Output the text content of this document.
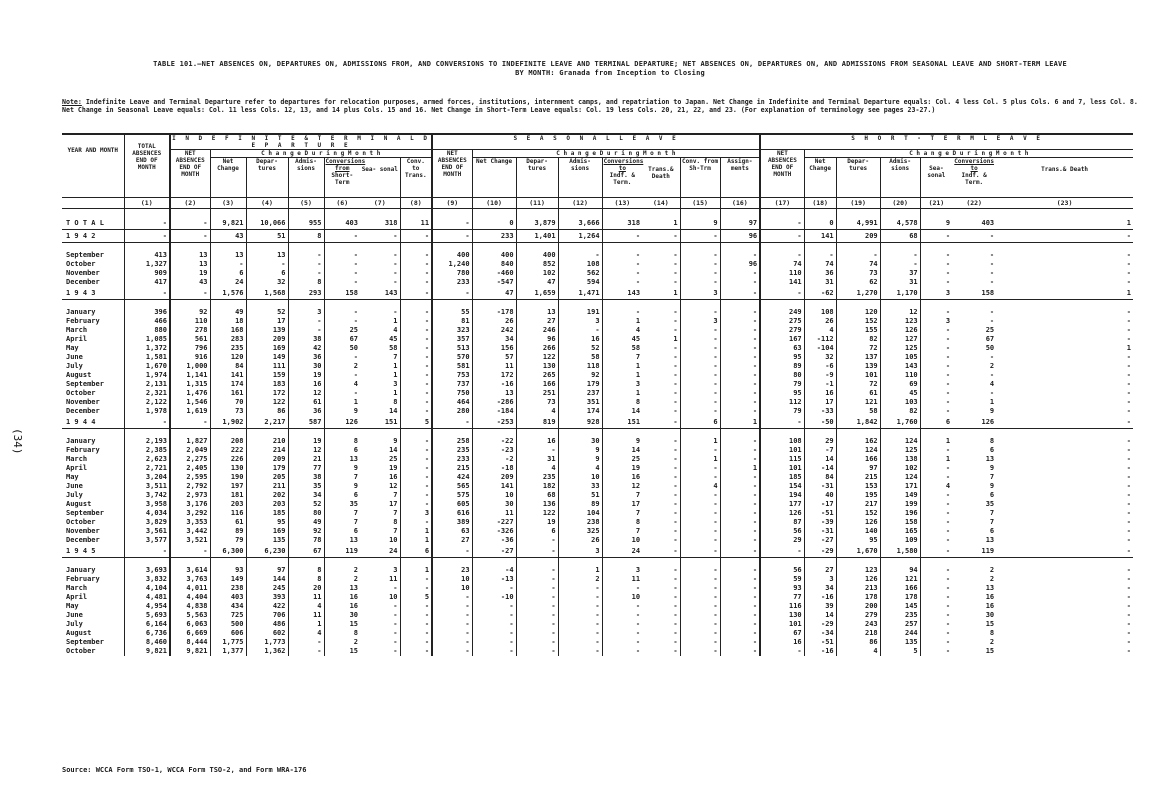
TABLE 101.—NET ABSENCES ON, DEPARTURES ON, ADMISSIONS FROM, AND CONVERSIONS TO INDEFINITE LEAVE AND TERMINAL DEPARTURE; NET ABSENCES ON, DEPARTURES ON, AND ADMISSIONS FROM SEASONAL LEAVE AND SHORT-TERM LEAVE
BY MONTH: Granada from Inception to Closing
Note: Indefinite Leave and Terminal Departure refer to departures for relocation purposes, armed forces, institutions, internment camps, and repatriation to Japan. Net Change in Indefinite and Terminal Departure equals: Col. 4 less Col. 5 plus Cols. 6 and 7, less Col. 8. Net Change in Seasonal Leave equals: Col. 11 less Cols. 12, 13, and 14 plus Cols. 15 and 16. Net Change in Short-Term Leave equals: Col. 19 less Cols. 20, 21, 22, and 23. (For explanation of terminology see pages 23-27.)
(34)
YEAR AND MONTH	TOTAL ABSENCES END OF MONTH	I N D E F I N I T E & T E R M I N A L D E P A R T U R E							S E A S O N A L L E A V E								S H O R T - T E R M L E A V E						
		NET ABSENCES END OF MONTH	C h a n g e D u r i n g M o n t h						NET ABSENCES END OF MONTH	C h a n g e D u r i n g M o n t h							NET ABSENCES END OF MONTH	C h a n g e D u r i n g M o n t h					
			Net Change	Depar- tures	Admis- sions	Conversions from
Short- Term	Sea- sonal	Conv. to Trans.		Net Change	Depar- tures	Admis- sions	Conversions to
Indf. & Term.	Trans.& Death	Conv. from Sh-Trm	Assign- ments		Net Change	Depar- tures	Admis- sions	Sea- sonal	Conversions to
Indf. & Term.	Trans.& Death
	(1)	(2)	(3)	(4)	(5)	(6)	(7)	(8)	(9)	(10)	(11)	(12)	(13)	(14)	(15)	(16)	(17)	(18)	(19)	(20)	(21)	(22)	(23)

T O T A L	-	-	9,821	10,066	955	403	318	11	-	0	3,879	3,666	318	1	9	97	-	0	4,991	4,578	9	403	1
1 9 4 2	-	-	43	51	8	-	-	-	-	233	1,401	1,264	-	-	-	96	-	141	209	68	-	-	-

September	413	13	13	13	-	-	-	-	400	400	400	-	-	-	-	-	-	-	-	-	-	-	-
October	1,327	13	-	-	-	-	-	-	1,240	840	852	108	-	-	-	96	74	74	74	-	-	-	-
November	909	19	6	6	-	-	-	-	780	-460	102	562	-	-	-	-	110	36	73	37	-	-	-
December	417	43	24	32	8	-	-	-	233	-547	47	594	-	-	-	-	141	31	62	31	-	-	-
1 9 4 3	-	-	1,576	1,568	293	158	143	-	-	47	1,659	1,471	143	1	3	-	-	-62	1,270	1,170	3	158	1

January	396	92	49	52	3	-	-	-	55	-178	13	191	-	-	-	-	249	108	120	12	-	-	-
February	466	110	18	17	-	-	1	-	81	26	27	3	1	-	3	-	275	26	152	123	3	-	-
March	880	278	168	139	-	25	4	-	323	242	246	-	4	-	-	-	279	4	155	126	-	25	-
April	1,085	561	283	209	38	67	45	-	357	34	96	16	45	1	-	-	167	-112	82	127	-	67	-
May	1,372	796	235	169	42	50	58	-	513	156	266	52	58	-	-	-	63	-104	72	125	-	50	1
June	1,581	916	120	149	36	-	7	-	570	57	122	58	7	-	-	-	95	32	137	105	-	-	-
July	1,670	1,000	84	111	30	2	1	-	581	11	130	118	1	-	-	-	89	-6	139	143	-	2	-
August	1,974	1,141	141	159	19	-	1	-	753	172	265	92	1	-	-	-	80	-9	101	110	-	-	-
September	2,131	1,315	174	183	16	4	3	-	737	-16	166	179	3	-	-	-	79	-1	72	69	-	4	-
October	2,321	1,476	161	172	12	-	1	-	750	13	251	237	1	-	-	-	95	16	61	45	-	-	-
November	2,122	1,546	70	122	61	1	8	-	464	-286	73	351	8	-	-	-	112	17	121	103	-	1	-
December	1,978	1,619	73	86	36	9	14	-	280	-184	4	174	14	-	-	-	79	-33	58	82	-	9	-
1 9 4 4	-	-	1,902	2,217	587	126	151	5	-	-253	819	928	151	-	6	1	-	-50	1,842	1,760	6	126	-

January	2,193	1,827	208	210	19	8	9	-	258	-22	16	30	9	-	1	-	108	29	162	124	1	8	-
February	2,385	2,049	222	214	12	6	14	-	235	-23	-	9	14	-	-	-	101	-7	124	125	-	6	-
March	2,623	2,275	226	209	21	13	25	-	233	-2	31	9	25	-	1	-	115	14	166	138	1	13	-
April	2,721	2,405	130	179	77	9	19	-	215	-18	4	4	19	-	-	1	101	-14	97	102	-	9	-
May	3,204	2,595	190	205	38	7	16	-	424	209	235	10	16	-	-	-	185	84	215	124	-	7	-
June	3,511	2,792	197	211	35	9	12	-	565	141	182	33	12	-	4	-	154	-31	153	171	4	9	-
July	3,742	2,973	181	202	34	6	7	-	575	10	68	51	7	-	-	-	194	40	195	149	-	6	-
August	3,958	3,176	203	203	52	35	17	-	605	30	136	89	17	-	-	-	177	-17	217	199	-	35	-
September	4,034	3,292	116	185	80	7	7	3	616	11	122	104	7	-	-	-	126	-51	152	196	-	7	-
October	3,829	3,353	61	95	49	7	8	-	389	-227	19	238	8	-	-	-	87	-39	126	158	-	7	-
November	3,561	3,442	89	169	92	6	7	1	63	-326	6	325	7	-	-	-	56	-31	140	165	-	6	-
December	3,577	3,521	79	135	78	13	10	1	27	-36	-	26	10	-	-	-	29	-27	95	109	-	13	-
1 9 4 5	-	-	6,300	6,230	67	119	24	6	-	-27	-	3	24	-	-	-	-	-29	1,670	1,580	-	119	-

January	3,693	3,614	93	97	8	2	3	1	23	-4	-	1	3	-	-	-	56	27	123	94	-	2	-
February	3,832	3,763	149	144	8	2	11	-	10	-13	-	2	11	-	-	-	59	3	126	121	-	2	-
March	4,104	4,011	238	245	20	13	-	-	10	-	-	-	-	-	-	-	93	34	213	166	-	13	-
April	4,481	4,404	403	393	11	16	10	5	-	-10	-	-	10	-	-	-	77	-16	178	178	-	16	-
May	4,954	4,838	434	422	4	16	-	-	-	-	-	-	-	-	-	-	116	39	200	145	-	16	-
June	5,693	5,563	725	706	11	30	-	-	-	-	-	-	-	-	-	-	130	14	279	235	-	30	-
July	6,164	6,063	500	486	1	15	-	-	-	-	-	-	-	-	-	-	101	-29	243	257	-	15	-
August	6,736	6,669	606	602	4	8	-	-	-	-	-	-	-	-	-	-	67	-34	218	244	-	8	-
September	8,460	8,444	1,775	1,773	-	2	-	-	-	-	-	-	-	-	-	-	16	-51	86	135	-	2	-
October	9,821	9,821	1,377	1,362	-	15	-	-	-	-	-	-	-	-	-	-	-	-16	4	5	-	15	-
Source: WCCA Form TSO-1, WCCA Form TSO-2, and Form WRA-176
